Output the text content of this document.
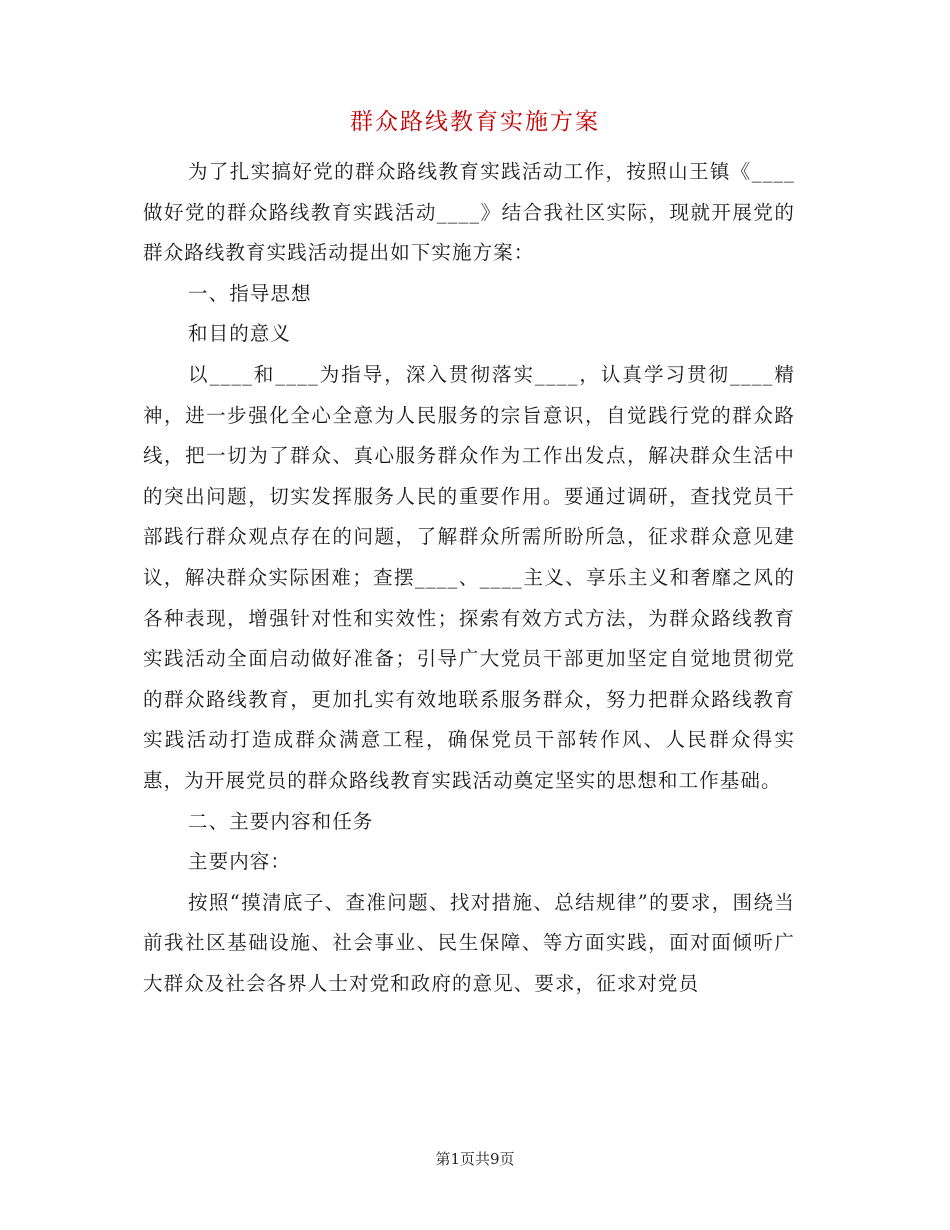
群众路线教育实施方案

为了扎实搞好党的群众路线教育实践活动工作，按照山王镇《____做好党的群众路线教育实践活动____》结合我社区实际，现就开展党的群众路线教育实践活动提出如下实施方案：

一、指导思想

和目的意义

以____和____为指导，深入贯彻落实____，认真学习贯彻____精神，进一步强化全心全意为人民服务的宗旨意识，自觉践行党的群众路线，把一切为了群众、真心服务群众作为工作出发点，解决群众生活中的突出问题，切实发挥服务人民的重要作用。要通过调研，查找党员干部践行群众观点存在的问题，了解群众所需所盼所急，征求群众意见建议，解决群众实际困难；查摆____、____主义、享乐主义和奢靡之风的各种表现，增强针对性和实效性；探索有效方式方法，为群众路线教育实践活动全面启动做好准备；引导广大党员干部更加坚定自觉地贯彻党的群众路线教育，更加扎实有效地联系服务群众，努力把群众路线教育实践活动打造成群众满意工程，确保党员干部转作风、人民群众得实惠，为开展党员的群众路线教育实践活动奠定坚实的思想和工作基础。

二、主要内容和任务

主要内容：

按照“摸清底子、查准问题、找对措施、总结规律”的要求，围绕当前我社区基础设施、社会事业、民生保障、等方面实践，面对面倾听广大群众及社会各界人士对党和政府的意见、要求，征求对党员

第1页共9页
